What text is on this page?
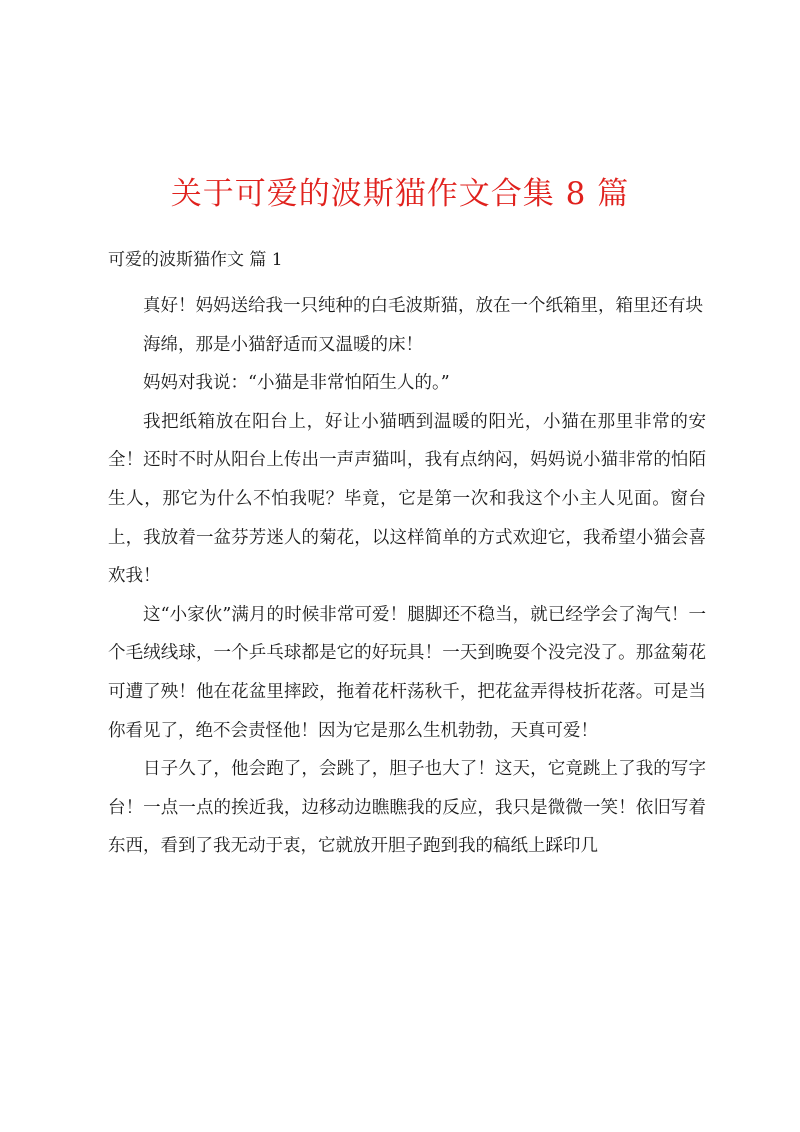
关于可爱的波斯猫作文合集 8 篇
可爱的波斯猫作文 篇 1

真好！妈妈送给我一只纯种的白毛波斯猫，放在一个纸箱里，箱里还有块

海绵，那是小猫舒适而又温暖的床！

妈妈对我说：“小猫是非常怕陌生人的。”

我把纸箱放在阳台上，好让小猫晒到温暖的阳光，小猫在那里非常的安全！还时不时从阳台上传出一声声猫叫，我有点纳闷，妈妈说小猫非常的怕陌生人，那它为什么不怕我呢？毕竟，它是第一次和我这个小主人见面。窗台上，我放着一盆芬芳迷人的菊花，以这样简单的方式欢迎它，我希望小猫会喜欢我！

这“小家伙”满月的时候非常可爱！腿脚还不稳当，就已经学会了淘气！一个毛绒线球，一个乒乓球都是它的好玩具！一天到晚耍个没完没了。那盆菊花可遭了殃！他在花盆里摔跤，拖着花杆荡秋千，把花盆弄得枝折花落。可是当你看见了，绝不会责怪他！因为它是那么生机勃勃，天真可爱！

日子久了，他会跑了，会跳了，胆子也大了！这天，它竟跳上了我的写字台！一点一点的挨近我，边移动边瞧瞧我的反应，我只是微微一笑！依旧写着东西，看到了我无动于衷，它就放开胆子跑到我的稿纸上踩印几
